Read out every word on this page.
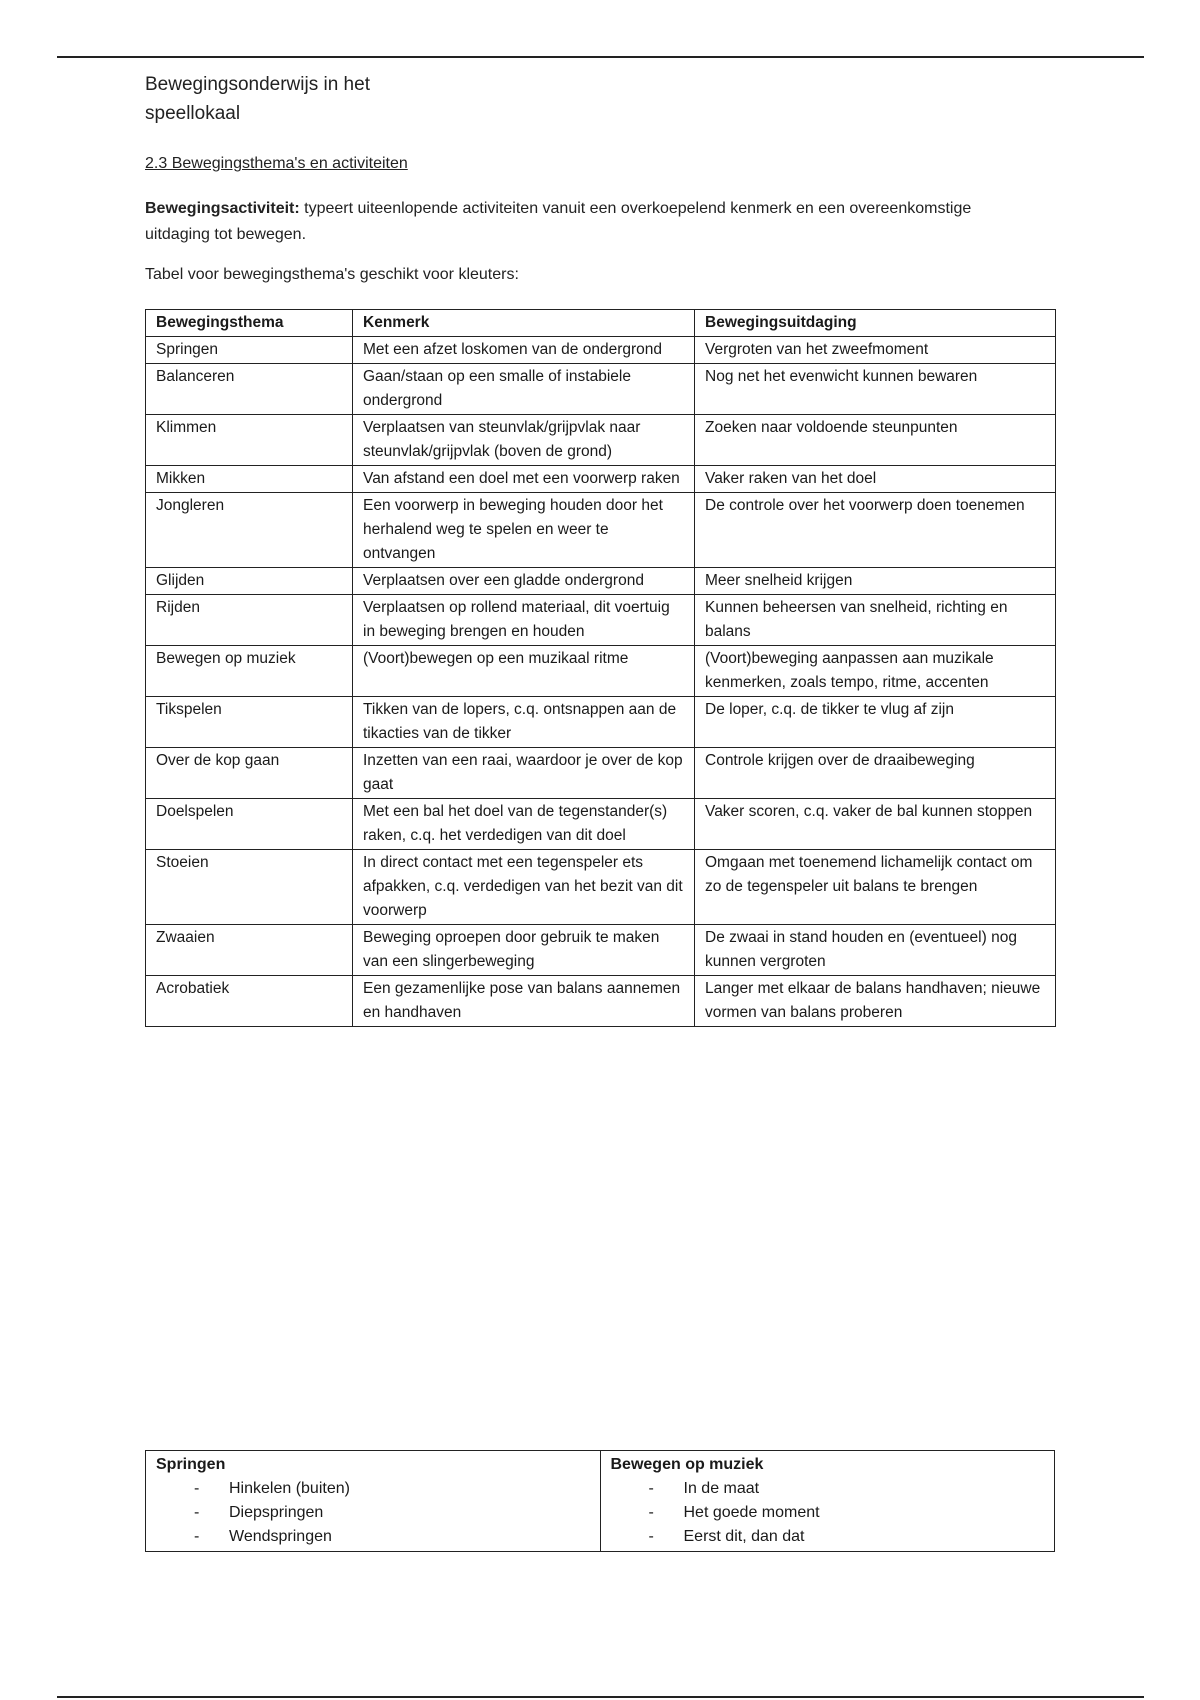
Bewegingsonderwijs in het
speellokaal
2.3 Bewegingsthema's en activiteiten
Bewegingsactiviteit: typeert uiteenlopende activiteiten vanuit een overkoepelend kenmerk en een overeenkomstige uitdaging tot bewegen.
Tabel voor bewegingsthema's geschikt voor kleuters:
Bewegingsthema	Kenmerk	Bewegingsuitdaging
Springen	Met een afzet loskomen van de ondergrond	Vergroten van het zweefmoment
Balanceren	Gaan/staan op een smalle of instabiele ondergrond	Nog net het evenwicht kunnen bewaren
Klimmen	Verplaatsen van steunvlak/grijpvlak naar steunvlak/grijpvlak (boven de grond)	Zoeken naar voldoende steunpunten
Mikken	Van afstand een doel met een voorwerp raken	Vaker raken van het doel
Jongleren	Een voorwerp in beweging houden door het herhalend weg te spelen en weer te ontvangen	De controle over het voorwerp doen toenemen
Glijden	Verplaatsen over een gladde ondergrond	Meer snelheid krijgen
Rijden	Verplaatsen op rollend materiaal, dit voertuig in beweging brengen en houden	Kunnen beheersen van snelheid, richting en balans
Bewegen op muziek	(Voort)bewegen op een muzikaal ritme	(Voort)beweging aanpassen aan muzikale kenmerken, zoals tempo, ritme, accenten
Tikspelen	Tikken van de lopers, c.q. ontsnappen aan de tikacties van de tikker	De loper, c.q. de tikker te vlug af zijn
Over de kop gaan	Inzetten van een raai, waardoor je over de kop gaat	Controle krijgen over de draaibeweging
Doelspelen	Met een bal het doel van de tegenstander(s) raken, c.q. het verdedigen van dit doel	Vaker scoren, c.q. vaker de bal kunnen stoppen
Stoeien	In direct contact met een tegenspeler ets afpakken, c.q. verdedigen van het bezit van dit voorwerp	Omgaan met toenemend lichamelijk contact om zo de tegenspeler uit balans te brengen
Zwaaien	Beweging oproepen door gebruik te maken van een slingerbeweging	De zwaai in stand houden en (eventueel) nog kunnen vergroten
Acrobatiek	Een gezamenlijke pose van balans aannemen en handhaven	Langer met elkaar de balans handhaven; nieuwe vormen van balans proberen
Springen
- Hinkelen (buiten)
- Diepspringen
- Wendspringen

Bewegen op muziek
- In de maat
- Het goede moment
- Eerst dit, dan dat
